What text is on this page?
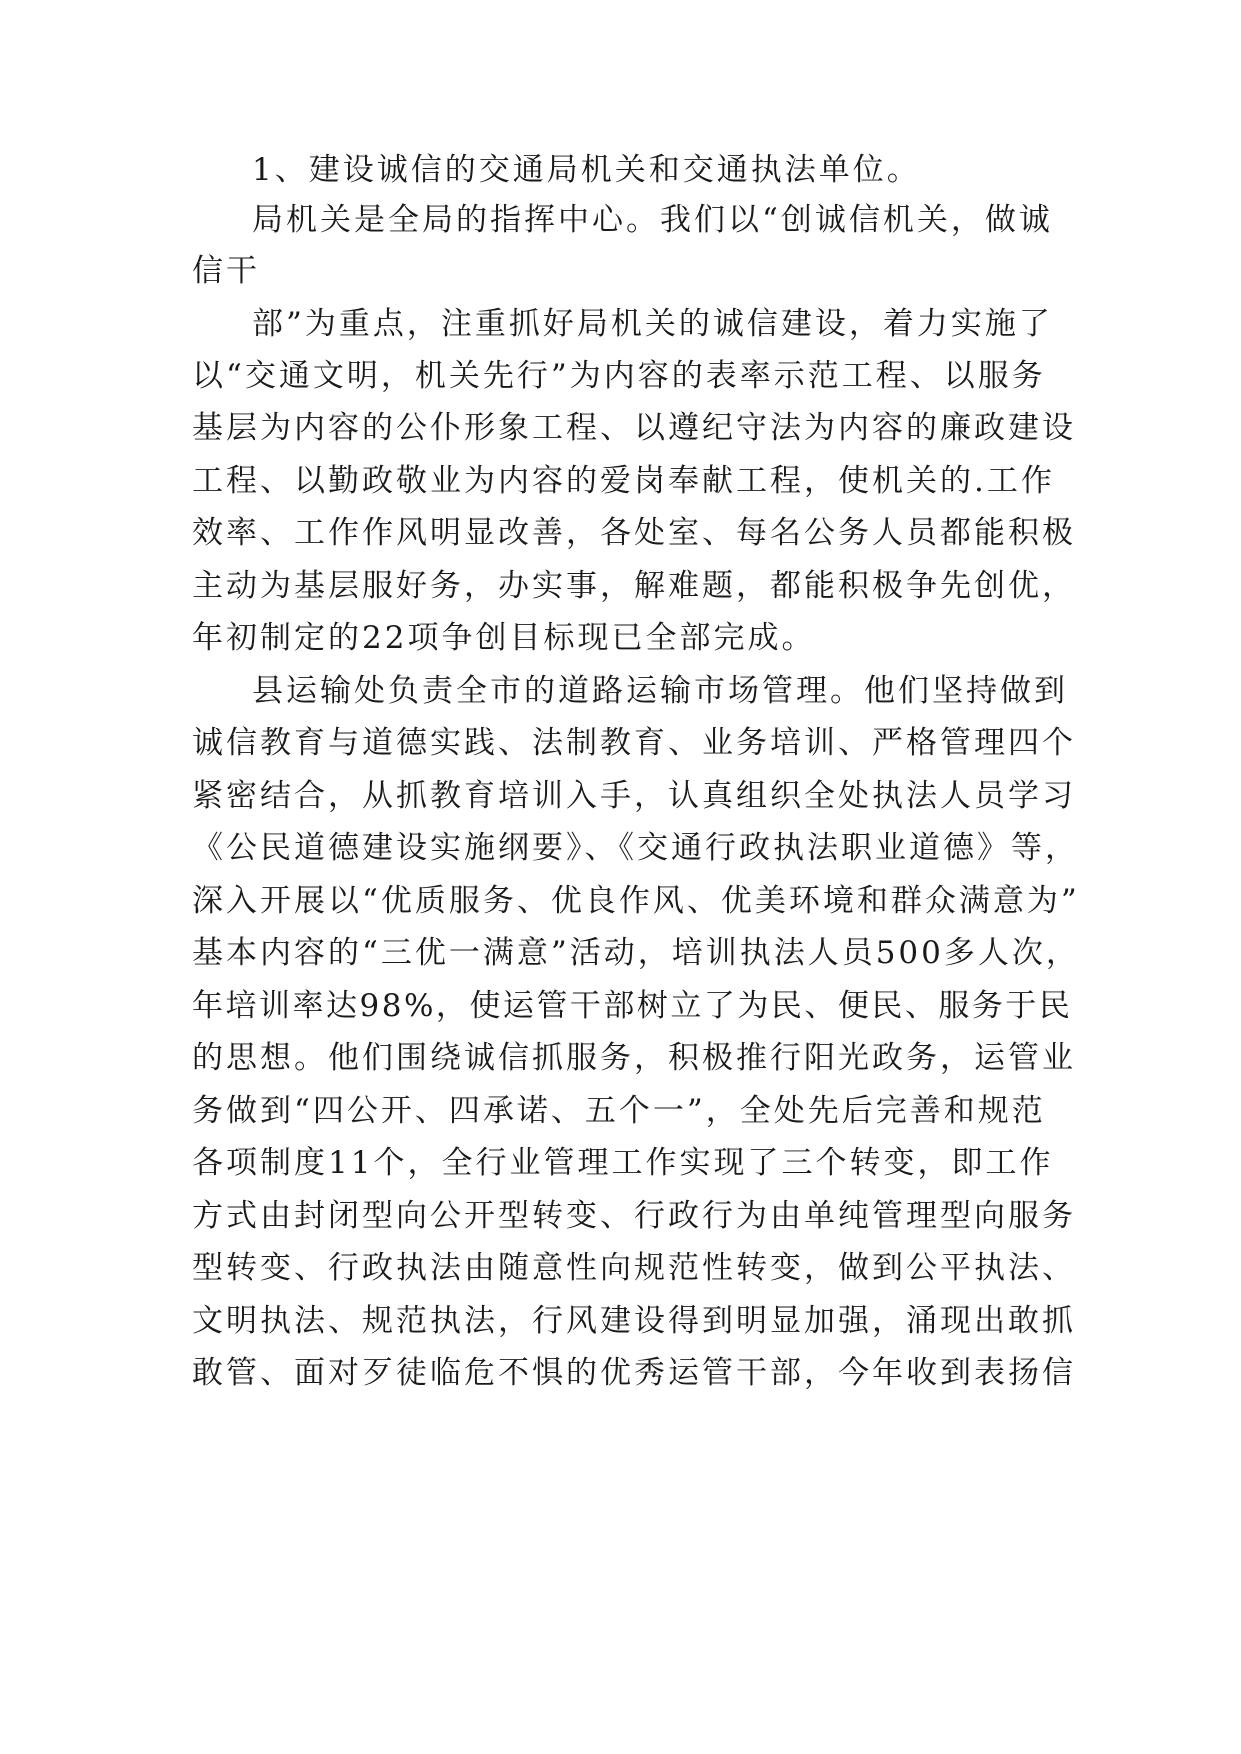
1、建设诚信的交通局机关和交通执法单位。
局机关是全局的指挥中心。我们以“创诚信机关，做诚
信干
部”为重点，注重抓好局机关的诚信建设，着力实施了
以“交通文明，机关先行”为内容的表率示范工程、以服务
基层为内容的公仆形象工程、以遵纪守法为内容的廉政建设
工程、以勤政敬业为内容的爱岗奉献工程，使机关的.工作
效率、工作作风明显改善，各处室、每名公务人员都能积极
主动为基层服好务，办实事，解难题，都能积极争先创优，
年初制定的22项争创目标现已全部完成。
县运输处负责全市的道路运输市场管理。他们坚持做到
诚信教育与道德实践、法制教育、业务培训、严格管理四个
紧密结合，从抓教育培训入手，认真组织全处执法人员学习
《公民道德建设实施纲要》、《交通行政执法职业道德》等，
深入开展以“优质服务、优良作风、优美环境和群众满意为”
基本内容的“三优一满意”活动，培训执法人员500多人次，
年培训率达98%，使运管干部树立了为民、便民、服务于民
的思想。他们围绕诚信抓服务，积极推行阳光政务，运管业
务做到“四公开、四承诺、五个一”，全处先后完善和规范
各项制度11个，全行业管理工作实现了三个转变，即工作
方式由封闭型向公开型转变、行政行为由单纯管理型向服务
型转变、行政执法由随意性向规范性转变，做到公平执法、
文明执法、规范执法，行风建设得到明显加强，涌现出敢抓
敢管、面对歹徒临危不惧的优秀运管干部，今年收到表扬信
